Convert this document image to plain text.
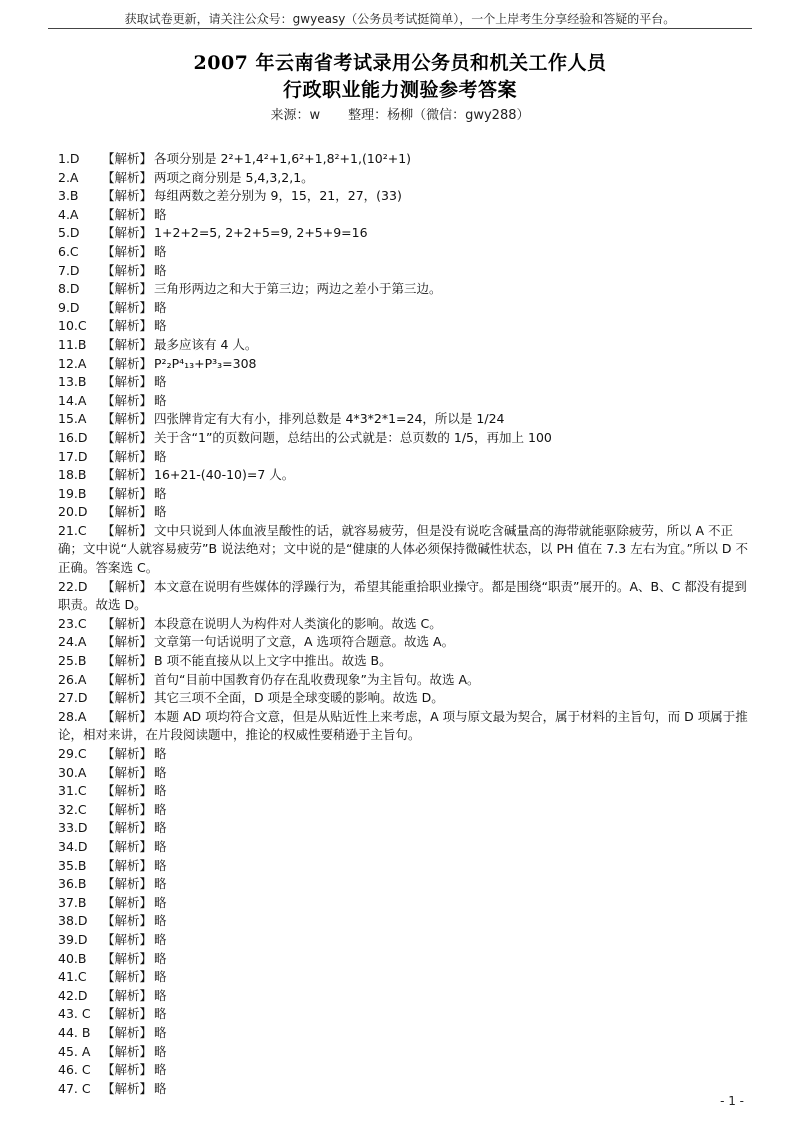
获取试卷更新，请关注公众号：gwyeasy（公务员考试挺简单），一个上岸考生分享经验和答疑的平台。
2007 年云南省考试录用公务员和机关工作人员
行政职业能力测验参考答案
来源：w 整理：杨柳（微信：gwy288）
1.D 【解析】 各项分别是 2²+1,4²+1,6²+1,8²+1,(10²+1)
2.A 【解析】 两项之商分别是 5,4,3,2,1。
3.B 【解析】 每组两数之差分别为 9，15，21，27，(33)
4.A 【解析】 略
5.D 【解析】 1+2+2=5, 2+2+5=9, 2+5+9=16
6.C 【解析】 略
7.D 【解析】 略
8.D 【解析】 三角形两边之和大于第三边；两边之差小于第三边。
9.D 【解析】 略
10.C 【解析】 略
11.B 【解析】 最多应该有 4 人。
12.A 【解析】 P²₂P⁴₁₃+P³₃=308
13.B 【解析】 略
14.A 【解析】 略
15.A 【解析】 四张牌肯定有大有小，排列总数是 4*3*2*1=24，所以是 1/24
16.D 【解析】 关于含“1”的页数问题，总结出的公式就是：总页数的 1/5，再加上 100
17.D 【解析】 略
18.B 【解析】 16+21-(40-10)=7 人。
19.B 【解析】 略
20.D 【解析】 略
21.C 【解析】 文中只说到人体血液呈酸性的话，就容易疲劳，但是没有说吃含碱量高的海带就能驱除疲劳，所以 A 不正确；文中说“人就容易疲劳”B 说法绝对；文中说的是“健康的人体必须保持微碱性状态，以 PH 值在 7.3 左右为宜。”所以 D 不正确。答案选 C。
22.D 【解析】 本文意在说明有些媒体的浮躁行为，希望其能重拾职业操守。都是围绕“职责”展开的。A、B、C 都没有提到职责。故选 D。
23.C 【解析】 本段意在说明人为构件对人类演化的影响。故选 C。
24.A 【解析】 文章第一句话说明了文意，A 选项符合题意。故选 A。
25.B 【解析】 B 项不能直接从以上文字中推出。故选 B。
26.A 【解析】 首句“目前中国教育仍存在乱收费现象”为主旨句。故选 A。
27.D 【解析】 其它三项不全面，D 项是全球变暖的影响。故选 D。
28.A 【解析】 本题 AD 项均符合文意，但是从贴近性上来考虑，A 项与原文最为契合，属于材料的主旨句，而 D 项属于推论，相对来讲，在片段阅读题中，推论的权威性要稍逊于主旨句。
29.C 【解析】 略
30.A 【解析】 略
31.C 【解析】 略
32.C 【解析】 略
33.D 【解析】 略
34.D 【解析】 略
35.B 【解析】 略
36.B 【解析】 略
37.B 【解析】 略
38.D 【解析】 略
39.D 【解析】 略
40.B 【解析】 略
41.C 【解析】 略
42.D 【解析】 略
43. C 【解析】 略
44. B 【解析】 略
45. A 【解析】 略
46. C 【解析】 略
47. C 【解析】 略
- 1 -
